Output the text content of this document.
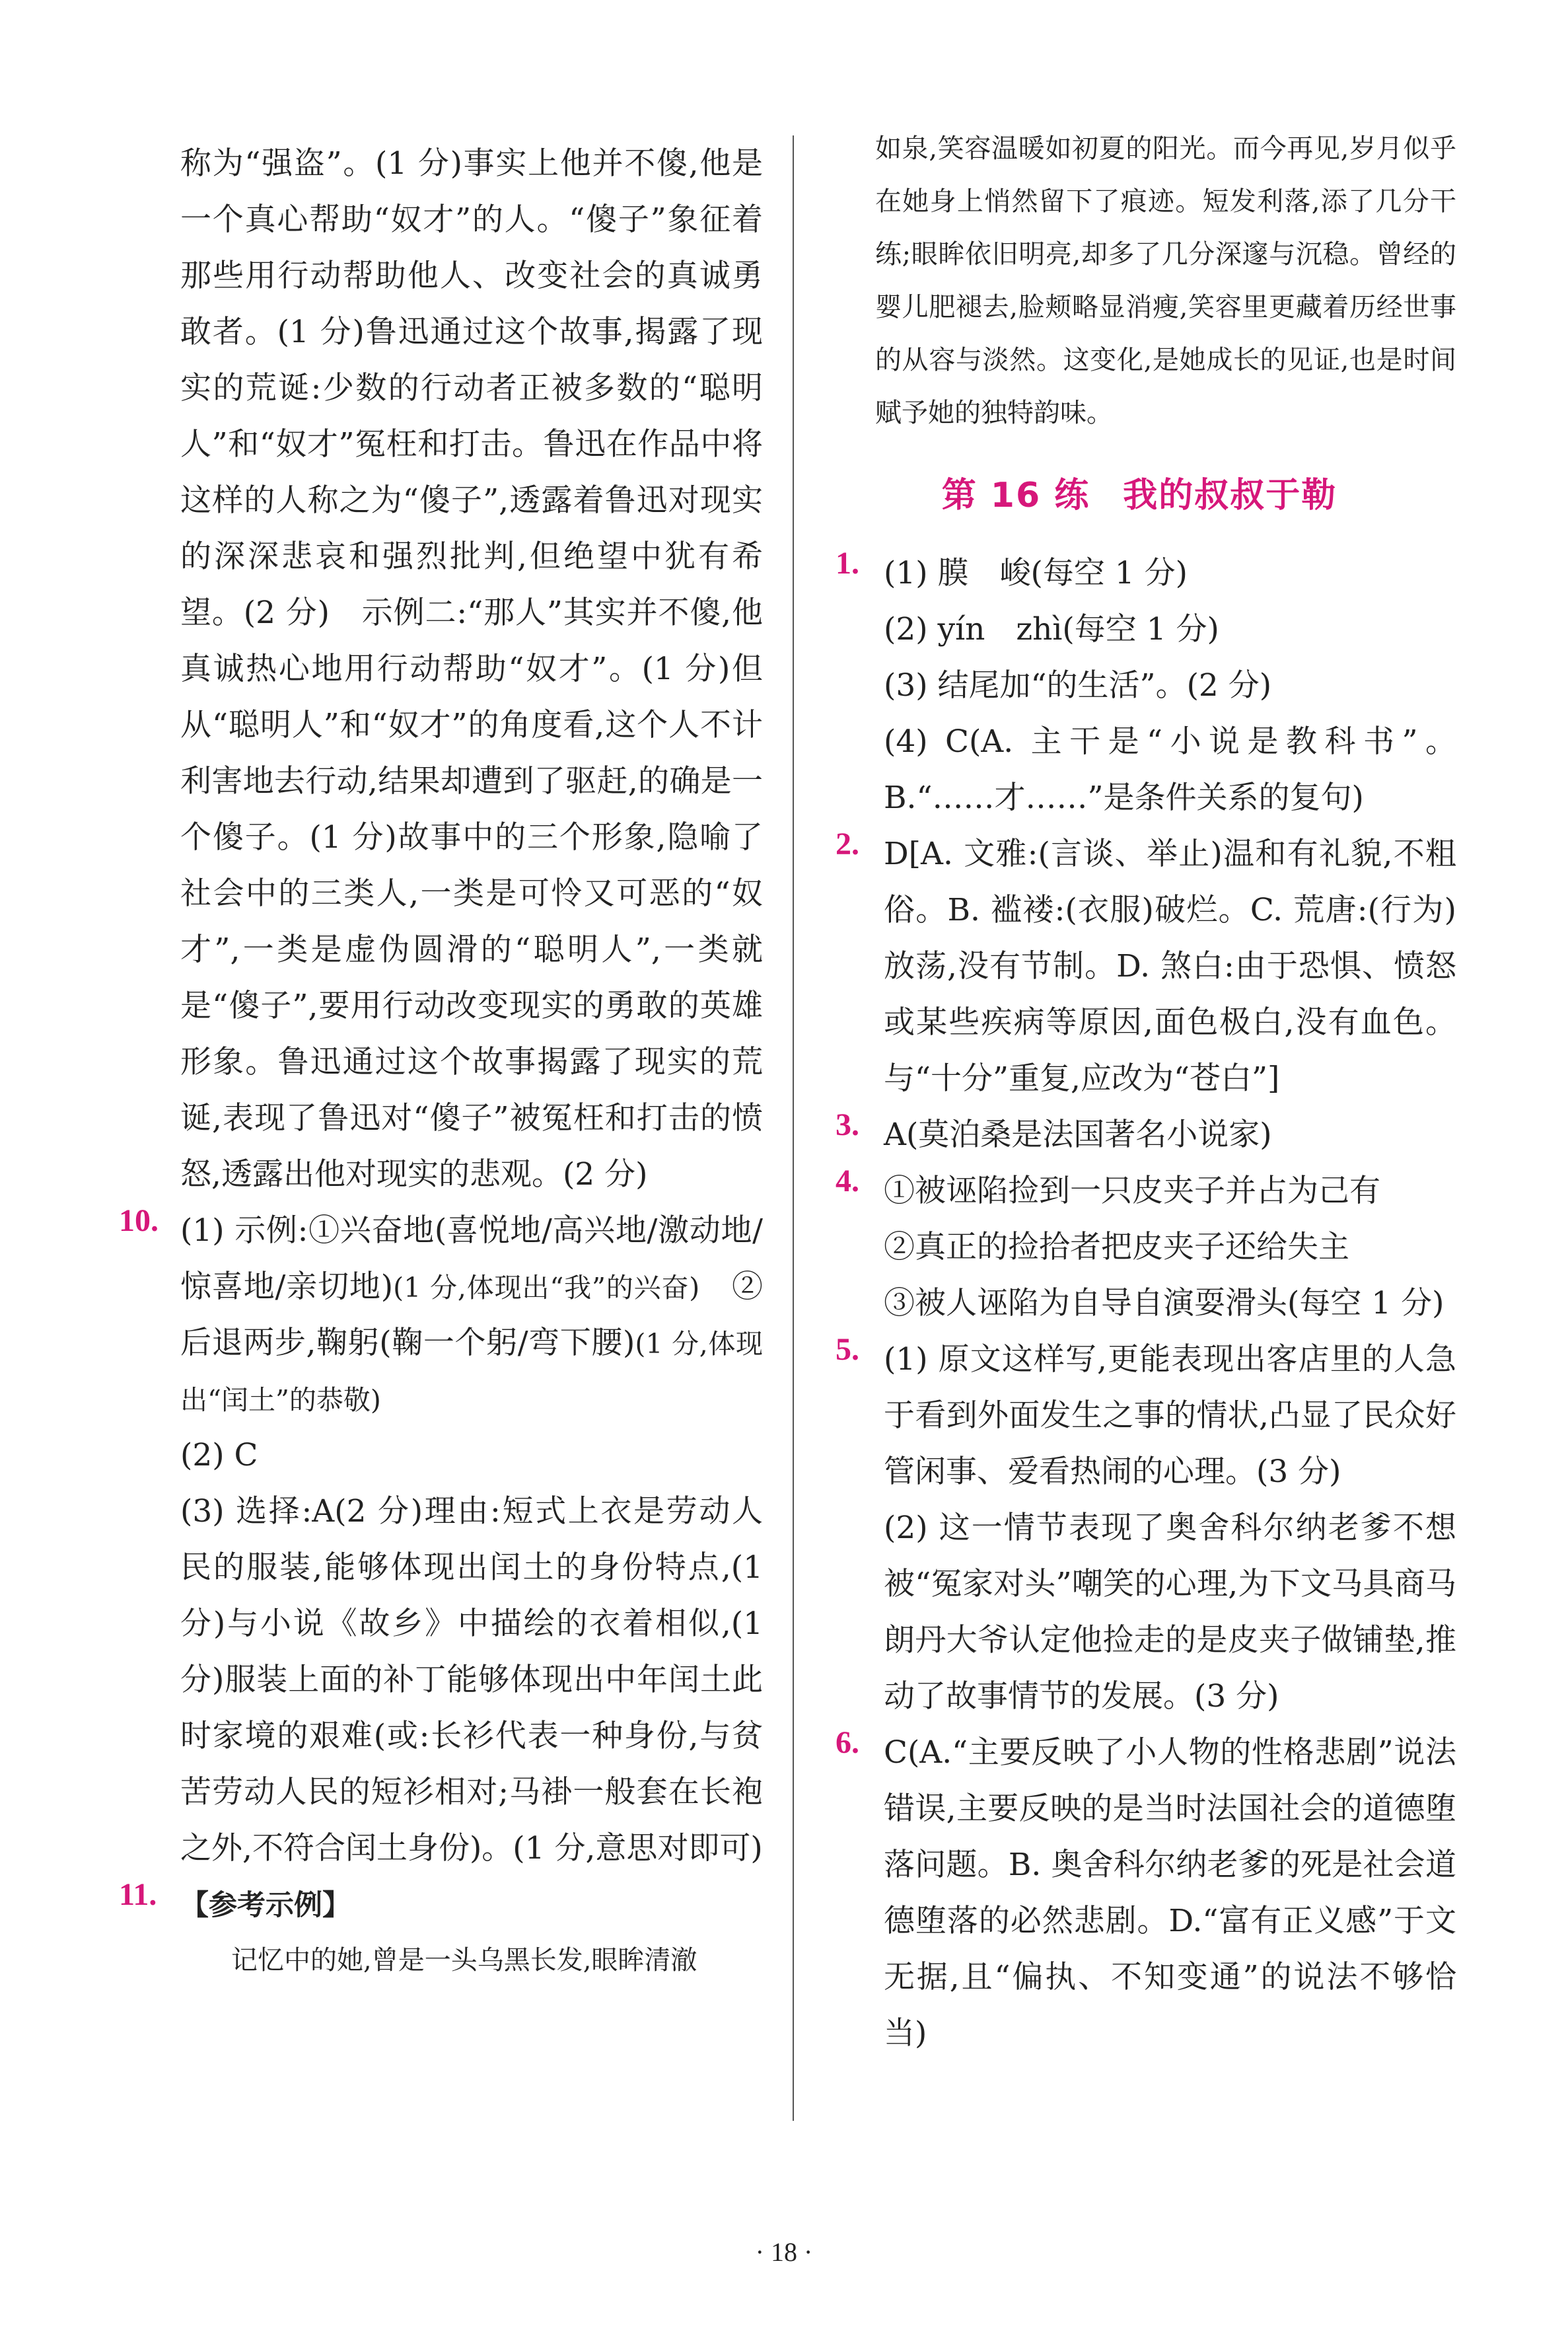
称为“强盗”。(1 分)事实上他并不傻,他是一个真心帮助“奴才”的人。“傻子”象征着那些用行动帮助他人、改变社会的真诚勇敢者。(1 分)鲁迅通过这个故事,揭露了现实的荒诞:少数的行动者正被多数的“聪明人”和“奴才”冤枉和打击。鲁迅在作品中将这样的人称之为“傻子”,透露着鲁迅对现实的深深悲哀和强烈批判,但绝望中犹有希望。(2 分)　示例二:“那人”其实并不傻,他真诚热心地用行动帮助“奴才”。(1 分)但从“聪明人”和“奴才”的角度看,这个人不计利害地去行动,结果却遭到了驱赶,的确是一个傻子。(1 分)故事中的三个形象,隐喻了社会中的三类人,一类是可怜又可恶的“奴才”,一类是虚伪圆滑的“聪明人”,一类就是“傻子”,要用行动改变现实的勇敢的英雄形象。鲁迅通过这个故事揭露了现实的荒诞,表现了鲁迅对“傻子”被冤枉和打击的愤怒,透露出他对现实的悲观。(2 分)

10. (1) 示例:①兴奋地(喜悦地/高兴地/激动地/惊喜地/亲切地)(1 分,体现出“我”的兴奋)　②后退两步,鞠躬(鞠一个躬/弯下腰)(1 分,体现出“闰土”的恭敬)

(2) C

(3) 选择:A(2 分)理由:短式上衣是劳动人民的服装,能够体现出闰土的身份特点,(1 分)与小说《故乡》中描绘的衣着相似,(1 分)服装上面的补丁能够体现出中年闰土此时家境的艰难(或:长衫代表一种身份,与贫苦劳动人民的短衫相对;马褂一般套在长袍之外,不符合闰土身份)。(1 分,意思对即可)

11. 【参考示例】

记忆中的她,曾是一头乌黑长发,眼眸清澈

如泉,笑容温暖如初夏的阳光。而今再见,岁月似乎在她身上悄然留下了痕迹。短发利落,添了几分干练;眼眸依旧明亮,却多了几分深邃与沉稳。曾经的婴儿肥褪去,脸颊略显消瘦,笑容里更藏着历经世事的从容与淡然。这变化,是她成长的见证,也是时间赋予她的独特韵味。

第 16 练 我的叔叔于勒
1. (1) 膜　峻(每空 1 分)

(2) yín　zhì(每空 1 分)

(3) 结尾加“的生活”。(2 分)

(4) C(A. 主干是“小说是教科书”。B.“……才……”是条件关系的复句)

2. D[A. 文雅:(言谈、举止)温和有礼貌,不粗俗。B. 褴褛:(衣服)破烂。C. 荒唐:(行为)放荡,没有节制。D. 煞白:由于恐惧、愤怒或某些疾病等原因,面色极白,没有血色。与“十分”重复,应改为“苍白”]

3. A(莫泊桑是法国著名小说家)

4. ①被诬陷捡到一只皮夹子并占为己有

②真正的捡拾者把皮夹子还给失主

③被人诬陷为自导自演耍滑头(每空 1 分)

5. (1) 原文这样写,更能表现出客店里的人急于看到外面发生之事的情状,凸显了民众好管闲事、爱看热闹的心理。(3 分)

(2) 这一情节表现了奥舍科尔纳老爹不想被“冤家对头”嘲笑的心理,为下文马具商马朗丹大爷认定他捡走的是皮夹子做铺垫,推动了故事情节的发展。(3 分)

6. C(A.“主要反映了小人物的性格悲剧”说法错误,主要反映的是当时法国社会的道德堕落问题。B. 奥舍科尔纳老爹的死是社会道德堕落的必然悲剧。D.“富有正义感”于文无据,且“偏执、不知变通”的说法不够恰当)

· 18 ·
